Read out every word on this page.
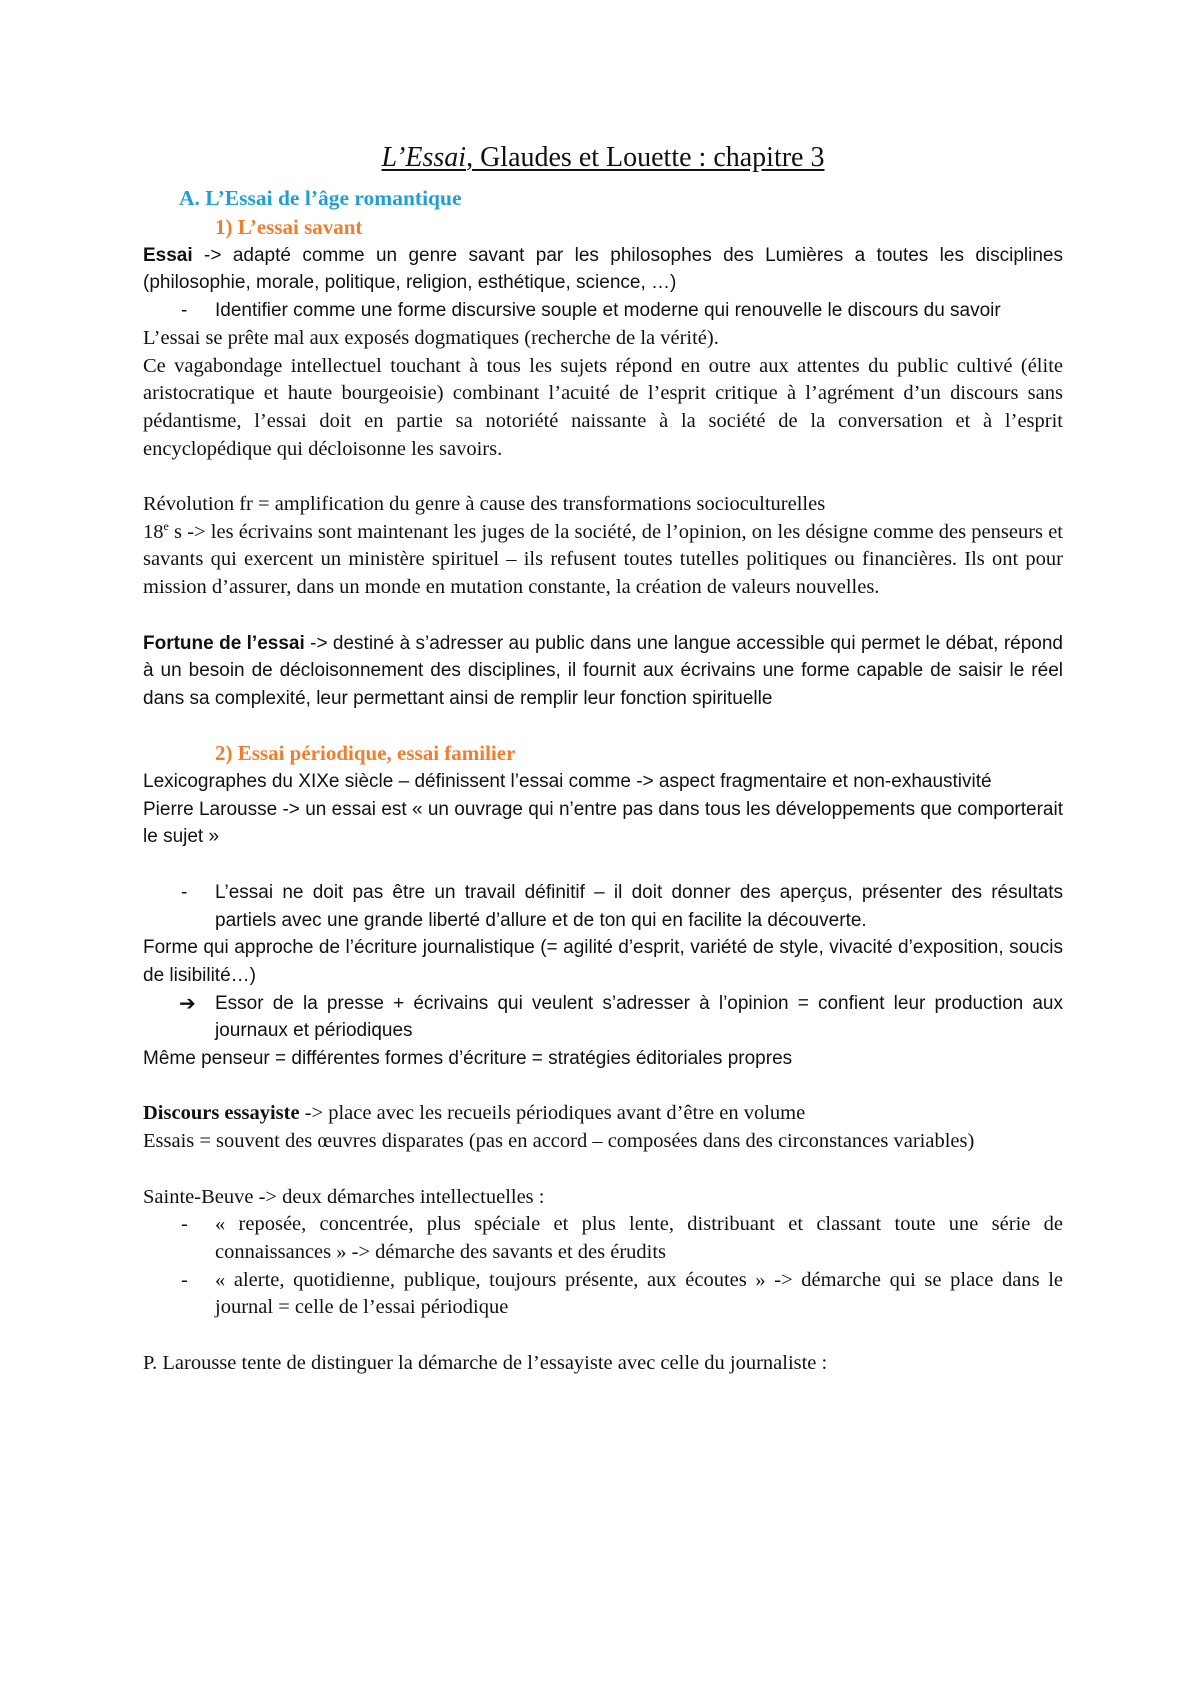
L’Essai, Glaudes et Louette : chapitre 3
A. L’Essai de l’âge romantique
1) L’essai savant

Essai -> adapté comme un genre savant par les philosophes des Lumières a toutes les disciplines (philosophie, morale, politique, religion, esthétique, science, …)

- Identifier comme une forme discursive souple et moderne qui renouvelle le discours du savoir

L’essai se prête mal aux exposés dogmatiques (recherche de la vérité).

Ce vagabondage intellectuel touchant à tous les sujets répond en outre aux attentes du public cultivé (élite aristocratique et haute bourgeoisie) combinant l’acuité de l’esprit critique à l’agrément d’un discours sans pédantisme, l’essai doit en partie sa notoriété naissante à la société de la conversation et à l’esprit encyclopédique qui décloisonne les savoirs.

Révolution fr = amplification du genre à cause des transformations socioculturelles

18e s -> les écrivains sont maintenant les juges de la société, de l’opinion, on les désigne comme des penseurs et savants qui exercent un ministère spirituel – ils refusent toutes tutelles politiques ou financières. Ils ont pour mission d’assurer, dans un monde en mutation constante, la création de valeurs nouvelles.

Fortune de l’essai -> destiné à s’adresser au public dans une langue accessible qui permet le débat, répond à un besoin de décloisonnement des disciplines, il fournit aux écrivains une forme capable de saisir le réel dans sa complexité, leur permettant ainsi de remplir leur fonction spirituelle

2) Essai périodique, essai familier

Lexicographes du XIXe siècle – définissent l’essai comme -> aspect fragmentaire et non-exhaustivité

Pierre Larousse -> un essai est « un ouvrage qui n’entre pas dans tous les développements que comporterait le sujet »

- L’essai ne doit pas être un travail définitif – il doit donner des aperçus, présenter des résultats partiels avec une grande liberté d’allure et de ton qui en facilite la découverte.

Forme qui approche de l’écriture journalistique (= agilité d’esprit, variété de style, vivacité d’exposition, soucis de lisibilité…)

➔ Essor de la presse + écrivains qui veulent s’adresser à l’opinion = confient leur production aux journaux et périodiques

Même penseur = différentes formes d’écriture = stratégies éditoriales propres

Discours essayiste -> place avec les recueils périodiques avant d’être en volume

Essais = souvent des œuvres disparates (pas en accord – composées dans des circonstances variables)

Sainte-Beuve -> deux démarches intellectuelles :

- « reposée, concentrée, plus spéciale et plus lente, distribuant et classant toute une série de connaissances » -> démarche des savants et des érudits

- « alerte, quotidienne, publique, toujours présente, aux écoutes » -> démarche qui se place dans le journal = celle de l’essai périodique

P. Larousse tente de distinguer la démarche de l’essayiste avec celle du journaliste :
